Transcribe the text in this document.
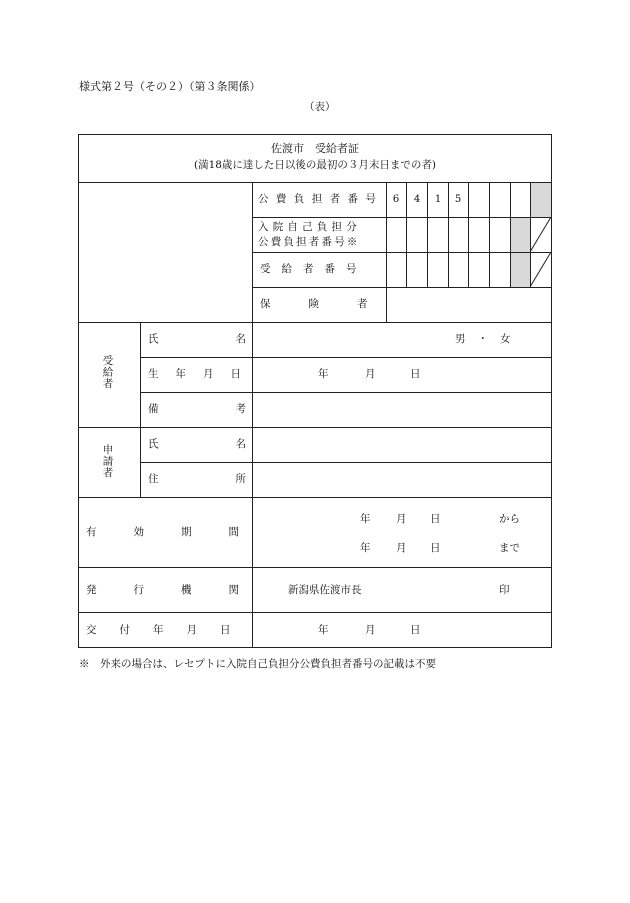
様式第２号（その２）（第３条関係）
（表）
佐渡市　受給者証
(満18歳に達した日以後の最初の３月末日までの者)
公費負担者番号 6	4	1	5
入院自己負担分
公費負担者番号※
受給者番号
保険者
受給者
氏名	男・女
生年月日	年	月	日
備考
申請者	氏名
住所
有効期間
年 月 日	から
年 月 日	まで
発行機関 新潟県佐渡市長	印
交付年月日	年	月	日
※　外来の場合は、レセプトに入院自己負担分公費負担者番号の記載は不要
